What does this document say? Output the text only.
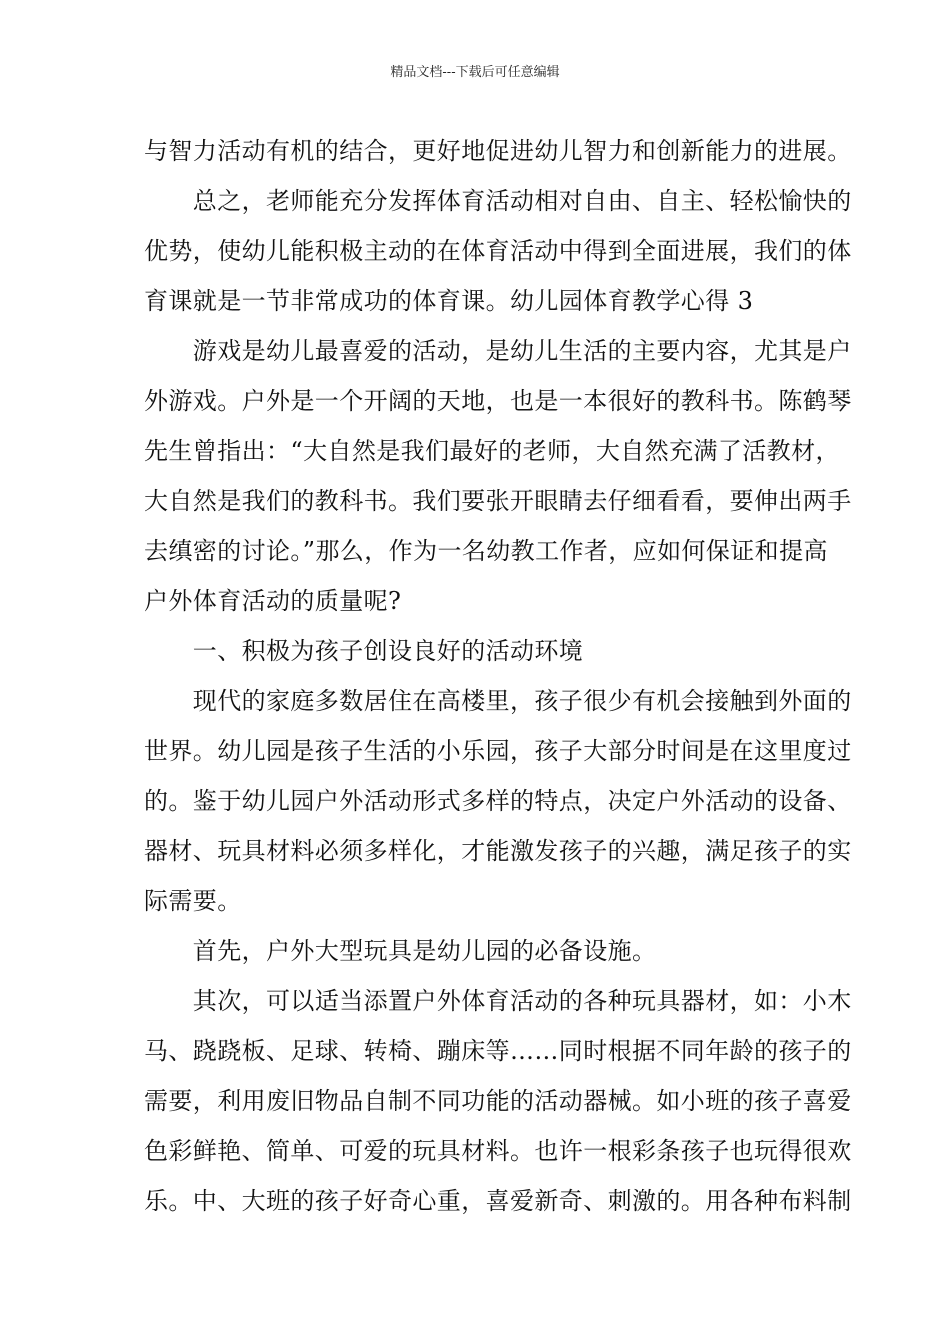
精品文档---下载后可任意编辑
与智力活动有机的结合，更好地促进幼儿智力和创新能力的进展。
　　总之，老师能充分发挥体育活动相对自由、自主、轻松愉快的
优势，使幼儿能积极主动的在体育活动中得到全面进展，我们的体
育课就是一节非常成功的体育课。幼儿园体育教学心得 3
　　游戏是幼儿最喜爱的活动，是幼儿生活的主要内容，尤其是户
外游戏。户外是一个开阔的天地，也是一本很好的教科书。陈鹤琴
先生曾指出：“大自然是我们最好的老师，大自然充满了活教材，
大自然是我们的教科书。我们要张开眼睛去仔细看看，要伸出两手
去缜密的讨论。”那么，作为一名幼教工作者，应如何保证和提高
户外体育活动的质量呢?
　　一、积极为孩子创设良好的活动环境
　　现代的家庭多数居住在高楼里，孩子很少有机会接触到外面的
世界。幼儿园是孩子生活的小乐园，孩子大部分时间是在这里度过
的。鉴于幼儿园户外活动形式多样的特点，决定户外活动的设备、
器材、玩具材料必须多样化，才能激发孩子的兴趣，满足孩子的实
际需要。
　　首先，户外大型玩具是幼儿园的必备设施。
　　其次，可以适当添置户外体育活动的各种玩具器材，如：小木
马、跷跷板、足球、转椅、蹦床等……同时根据不同年龄的孩子的
需要，利用废旧物品自制不同功能的活动器械。如小班的孩子喜爱
色彩鲜艳、简单、可爱的玩具材料。也许一根彩条孩子也玩得很欢
乐。中、大班的孩子好奇心重，喜爱新奇、刺激的。用各种布料制
